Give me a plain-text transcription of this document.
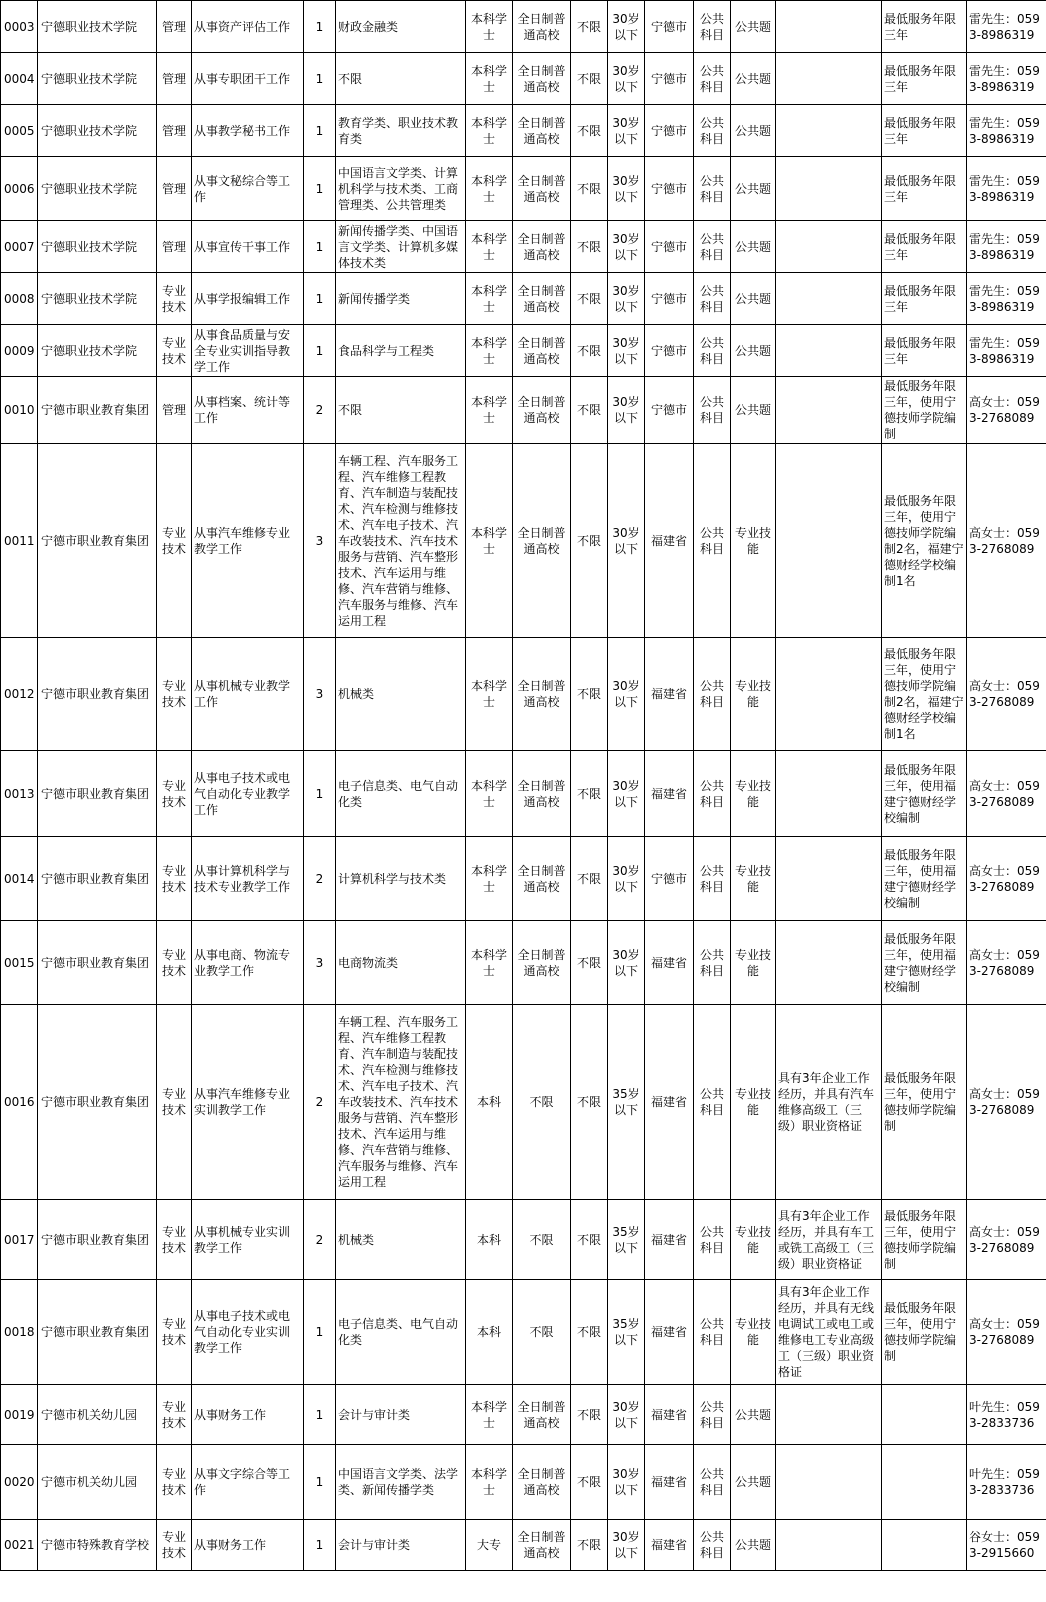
0003	宁德职业技术学院	管理	从事资产评估工作	1	财政金融类	本科学士	全日制普通高校	不限	30岁以下	宁德市	公共科目	公共题		最低服务年限三年	雷先生：0593-8986319
0004	宁德职业技术学院	管理	从事专职团干工作	1	不限	本科学士	全日制普通高校	不限	30岁以下	宁德市	公共科目	公共题		最低服务年限三年	雷先生：0593-8986319
0005	宁德职业技术学院	管理	从事教学秘书工作	1	教育学类、职业技术教育类	本科学士	全日制普通高校	不限	30岁以下	宁德市	公共科目	公共题		最低服务年限三年	雷先生：0593-8986319
0006	宁德职业技术学院	管理	从事文秘综合等工作	1	中国语言文学类、计算机科学与技术类、工商管理类、公共管理类	本科学士	全日制普通高校	不限	30岁以下	宁德市	公共科目	公共题		最低服务年限三年	雷先生：0593-8986319
0007	宁德职业技术学院	管理	从事宣传干事工作	1	新闻传播学类、中国语言文学类、计算机多媒体技术类	本科学士	全日制普通高校	不限	30岁以下	宁德市	公共科目	公共题		最低服务年限三年	雷先生：0593-8986319
0008	宁德职业技术学院	专业技术	从事学报编辑工作	1	新闻传播学类	本科学士	全日制普通高校	不限	30岁以下	宁德市	公共科目	公共题		最低服务年限三年	雷先生：0593-8986319
0009	宁德职业技术学院	专业技术	从事食品质量与安全专业实训指导教学工作	1	食品科学与工程类	本科学士	全日制普通高校	不限	30岁以下	宁德市	公共科目	公共题		最低服务年限三年	雷先生：0593-8986319
0010	宁德市职业教育集团	管理	从事档案、统计等工作	2	不限	本科学士	全日制普通高校	不限	30岁以下	宁德市	公共科目	公共题		最低服务年限三年，使用宁德技师学院编制	高女士：0593-2768089
0011	宁德市职业教育集团	专业技术	从事汽车维修专业教学工作	3	车辆工程、汽车服务工程、汽车维修工程教育、汽车制造与装配技术、汽车检测与维修技术、汽车电子技术、汽车改装技术、汽车技术服务与营销、汽车整形技术、汽车运用与维修、汽车营销与维修、汽车服务与维修、汽车运用工程	本科学士	全日制普通高校	不限	30岁以下	福建省	公共科目	专业技能		最低服务年限三年，使用宁德技师学院编制2名，福建宁德财经学校编制1名	高女士：0593-2768089
0012	宁德市职业教育集团	专业技术	从事机械专业教学工作	3	机械类	本科学士	全日制普通高校	不限	30岁以下	福建省	公共科目	专业技能		最低服务年限三年，使用宁德技师学院编制2名，福建宁德财经学校编制1名	高女士：0593-2768089
0013	宁德市职业教育集团	专业技术	从事电子技术或电气自动化专业教学工作	1	电子信息类、电气自动化类	本科学士	全日制普通高校	不限	30岁以下	福建省	公共科目	专业技能		最低服务年限三年，使用福建宁德财经学校编制	高女士：0593-2768089
0014	宁德市职业教育集团	专业技术	从事计算机科学与技术专业教学工作	2	计算机科学与技术类	本科学士	全日制普通高校	不限	30岁以下	宁德市	公共科目	专业技能		最低服务年限三年，使用福建宁德财经学校编制	高女士：0593-2768089
0015	宁德市职业教育集团	专业技术	从事电商、物流专业教学工作	3	电商物流类	本科学士	全日制普通高校	不限	30岁以下	福建省	公共科目	专业技能		最低服务年限三年，使用福建宁德财经学校编制	高女士：0593-2768089
0016	宁德市职业教育集团	专业技术	从事汽车维修专业实训教学工作	2	车辆工程、汽车服务工程、汽车维修工程教育、汽车制造与装配技术、汽车检测与维修技术、汽车电子技术、汽车改装技术、汽车技术服务与营销、汽车整形技术、汽车运用与维修、汽车营销与维修、汽车服务与维修、汽车运用工程	本科	不限	不限	35岁以下	福建省	公共科目	专业技能	具有3年企业工作经历，并具有汽车维修高级工（三级）职业资格证	最低服务年限三年，使用宁德技师学院编制	高女士：0593-2768089
0017	宁德市职业教育集团	专业技术	从事机械专业实训教学工作	2	机械类	本科	不限	不限	35岁以下	福建省	公共科目	专业技能	具有3年企业工作经历，并具有车工或铣工高级工（三级）职业资格证	最低服务年限三年，使用宁德技师学院编制	高女士：0593-2768089
0018	宁德市职业教育集团	专业技术	从事电子技术或电气自动化专业实训教学工作	1	电子信息类、电气自动化类	本科	不限	不限	35岁以下	福建省	公共科目	专业技能	具有3年企业工作经历，并具有无线电调试工或电工或维修电工专业高级工（三级）职业资格证	最低服务年限三年，使用宁德技师学院编制	高女士：0593-2768089
0019	宁德市机关幼儿园	专业技术	从事财务工作	1	会计与审计类	本科学士	全日制普通高校	不限	30岁以下	福建省	公共科目	公共题			叶先生：0593-2833736
0020	宁德市机关幼儿园	专业技术	从事文字综合等工作	1	中国语言文学类、法学类、新闻传播学类	本科学士	全日制普通高校	不限	30岁以下	福建省	公共科目	公共题			叶先生：0593-2833736
0021	宁德市特殊教育学校	专业技术	从事财务工作	1	会计与审计类	大专	全日制普通高校	不限	30岁以下	福建省	公共科目	公共题			谷女士：0593-2915660
